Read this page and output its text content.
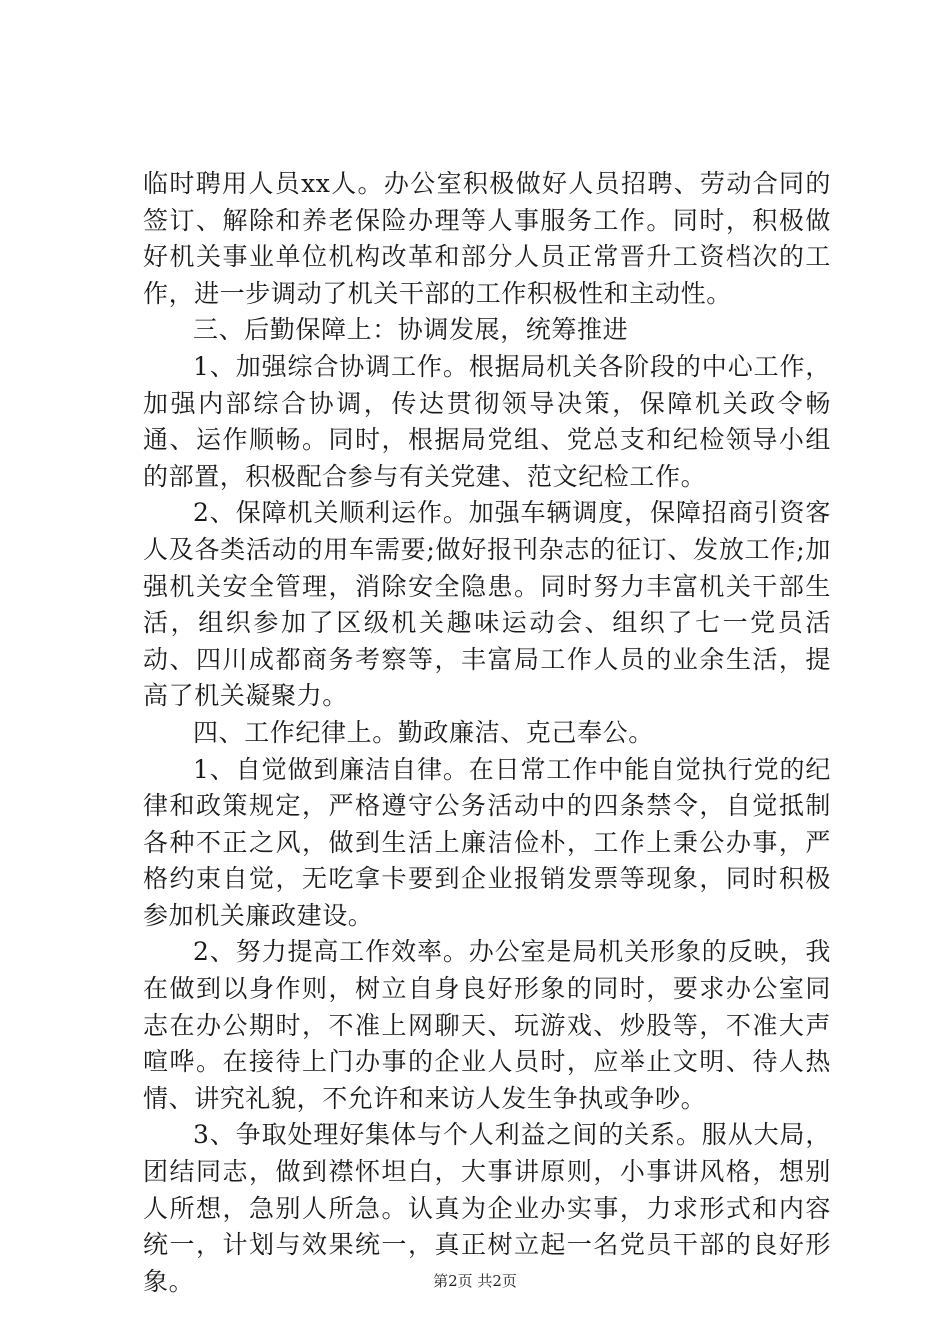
临时聘用人员xx人。办公室积极做好人员招聘、劳动合同的签订、解除和养老保险办理等人事服务工作。同时，积极做好机关事业单位机构改革和部分人员正常晋升工资档次的工作，进一步调动了机关干部的工作积极性和主动性。

三、后勤保障上：协调发展，统筹推进

1、加强综合协调工作。根据局机关各阶段的中心工作，加强内部综合协调，传达贯彻领导决策，保障机关政令畅通、运作顺畅。同时，根据局党组、党总支和纪检领导小组的部置，积极配合参与有关党建、范文纪检工作。

2、保障机关顺利运作。加强车辆调度，保障招商引资客人及各类活动的用车需要;做好报刊杂志的征订、发放工作;加强机关安全管理，消除安全隐患。同时努力丰富机关干部生活，组织参加了区级机关趣味运动会、组织了七一党员活动、四川成都商务考察等，丰富局工作人员的业余生活，提高了机关凝聚力。

四、工作纪律上。勤政廉洁、克己奉公。

1、自觉做到廉洁自律。在日常工作中能自觉执行党的纪律和政策规定，严格遵守公务活动中的四条禁令，自觉抵制各种不正之风，做到生活上廉洁俭朴，工作上秉公办事，严格约束自觉，无吃拿卡要到企业报销发票等现象，同时积极参加机关廉政建设。

2、努力提高工作效率。办公室是局机关形象的反映，我在做到以身作则，树立自身良好形象的同时，要求办公室同志在办公期时，不准上网聊天、玩游戏、炒股等，不准大声喧哗。在接待上门办事的企业人员时，应举止文明、待人热情、讲究礼貌，不允许和来访人发生争执或争吵。

3、争取处理好集体与个人利益之间的关系。服从大局，团结同志，做到襟怀坦白，大事讲原则，小事讲风格，想别人所想，急别人所急。认真为企业办实事，力求形式和内容统一，计划与效果统一，真正树立起一名党员干部的良好形象。	第2页 共2页
